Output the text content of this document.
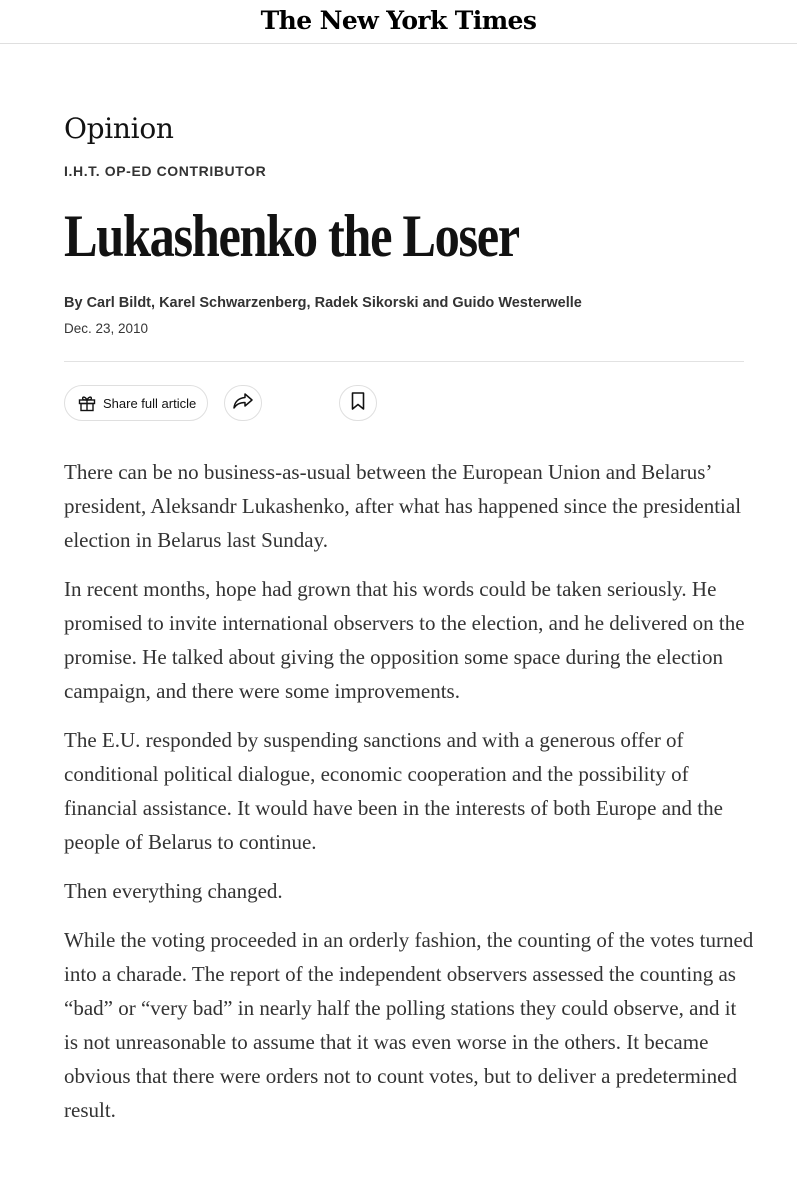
The New York Times
Opinion
I.H.T. OP-ED CONTRIBUTOR
Lukashenko the Loser
By Carl Bildt, Karel Schwarzenberg, Radek Sikorski and Guido Westerwelle
Dec. 23, 2010
Share full article

There can be no business-as-usual between the European Union and Belarus’ president, Aleksandr Lukashenko, after what has happened since the presidential election in Belarus last Sunday.

In recent months, hope had grown that his words could be taken seriously. He promised to invite international observers to the election, and he delivered on the promise. He talked about giving the opposition some space during the election campaign, and there were some improvements.

The E.U. responded by suspending sanctions and with a generous offer of conditional political dialogue, economic cooperation and the possibility of financial assistance. It would have been in the interests of both Europe and the people of Belarus to continue.

Then everything changed.

While the voting proceeded in an orderly fashion, the counting of the votes turned into a charade. The report of the independent observers assessed the counting as “bad” or “very bad” in nearly half the polling stations they could observe, and it is not unreasonable to assume that it was even worse in the others. It became obvious that there were orders not to count votes, but to deliver a predetermined result.
